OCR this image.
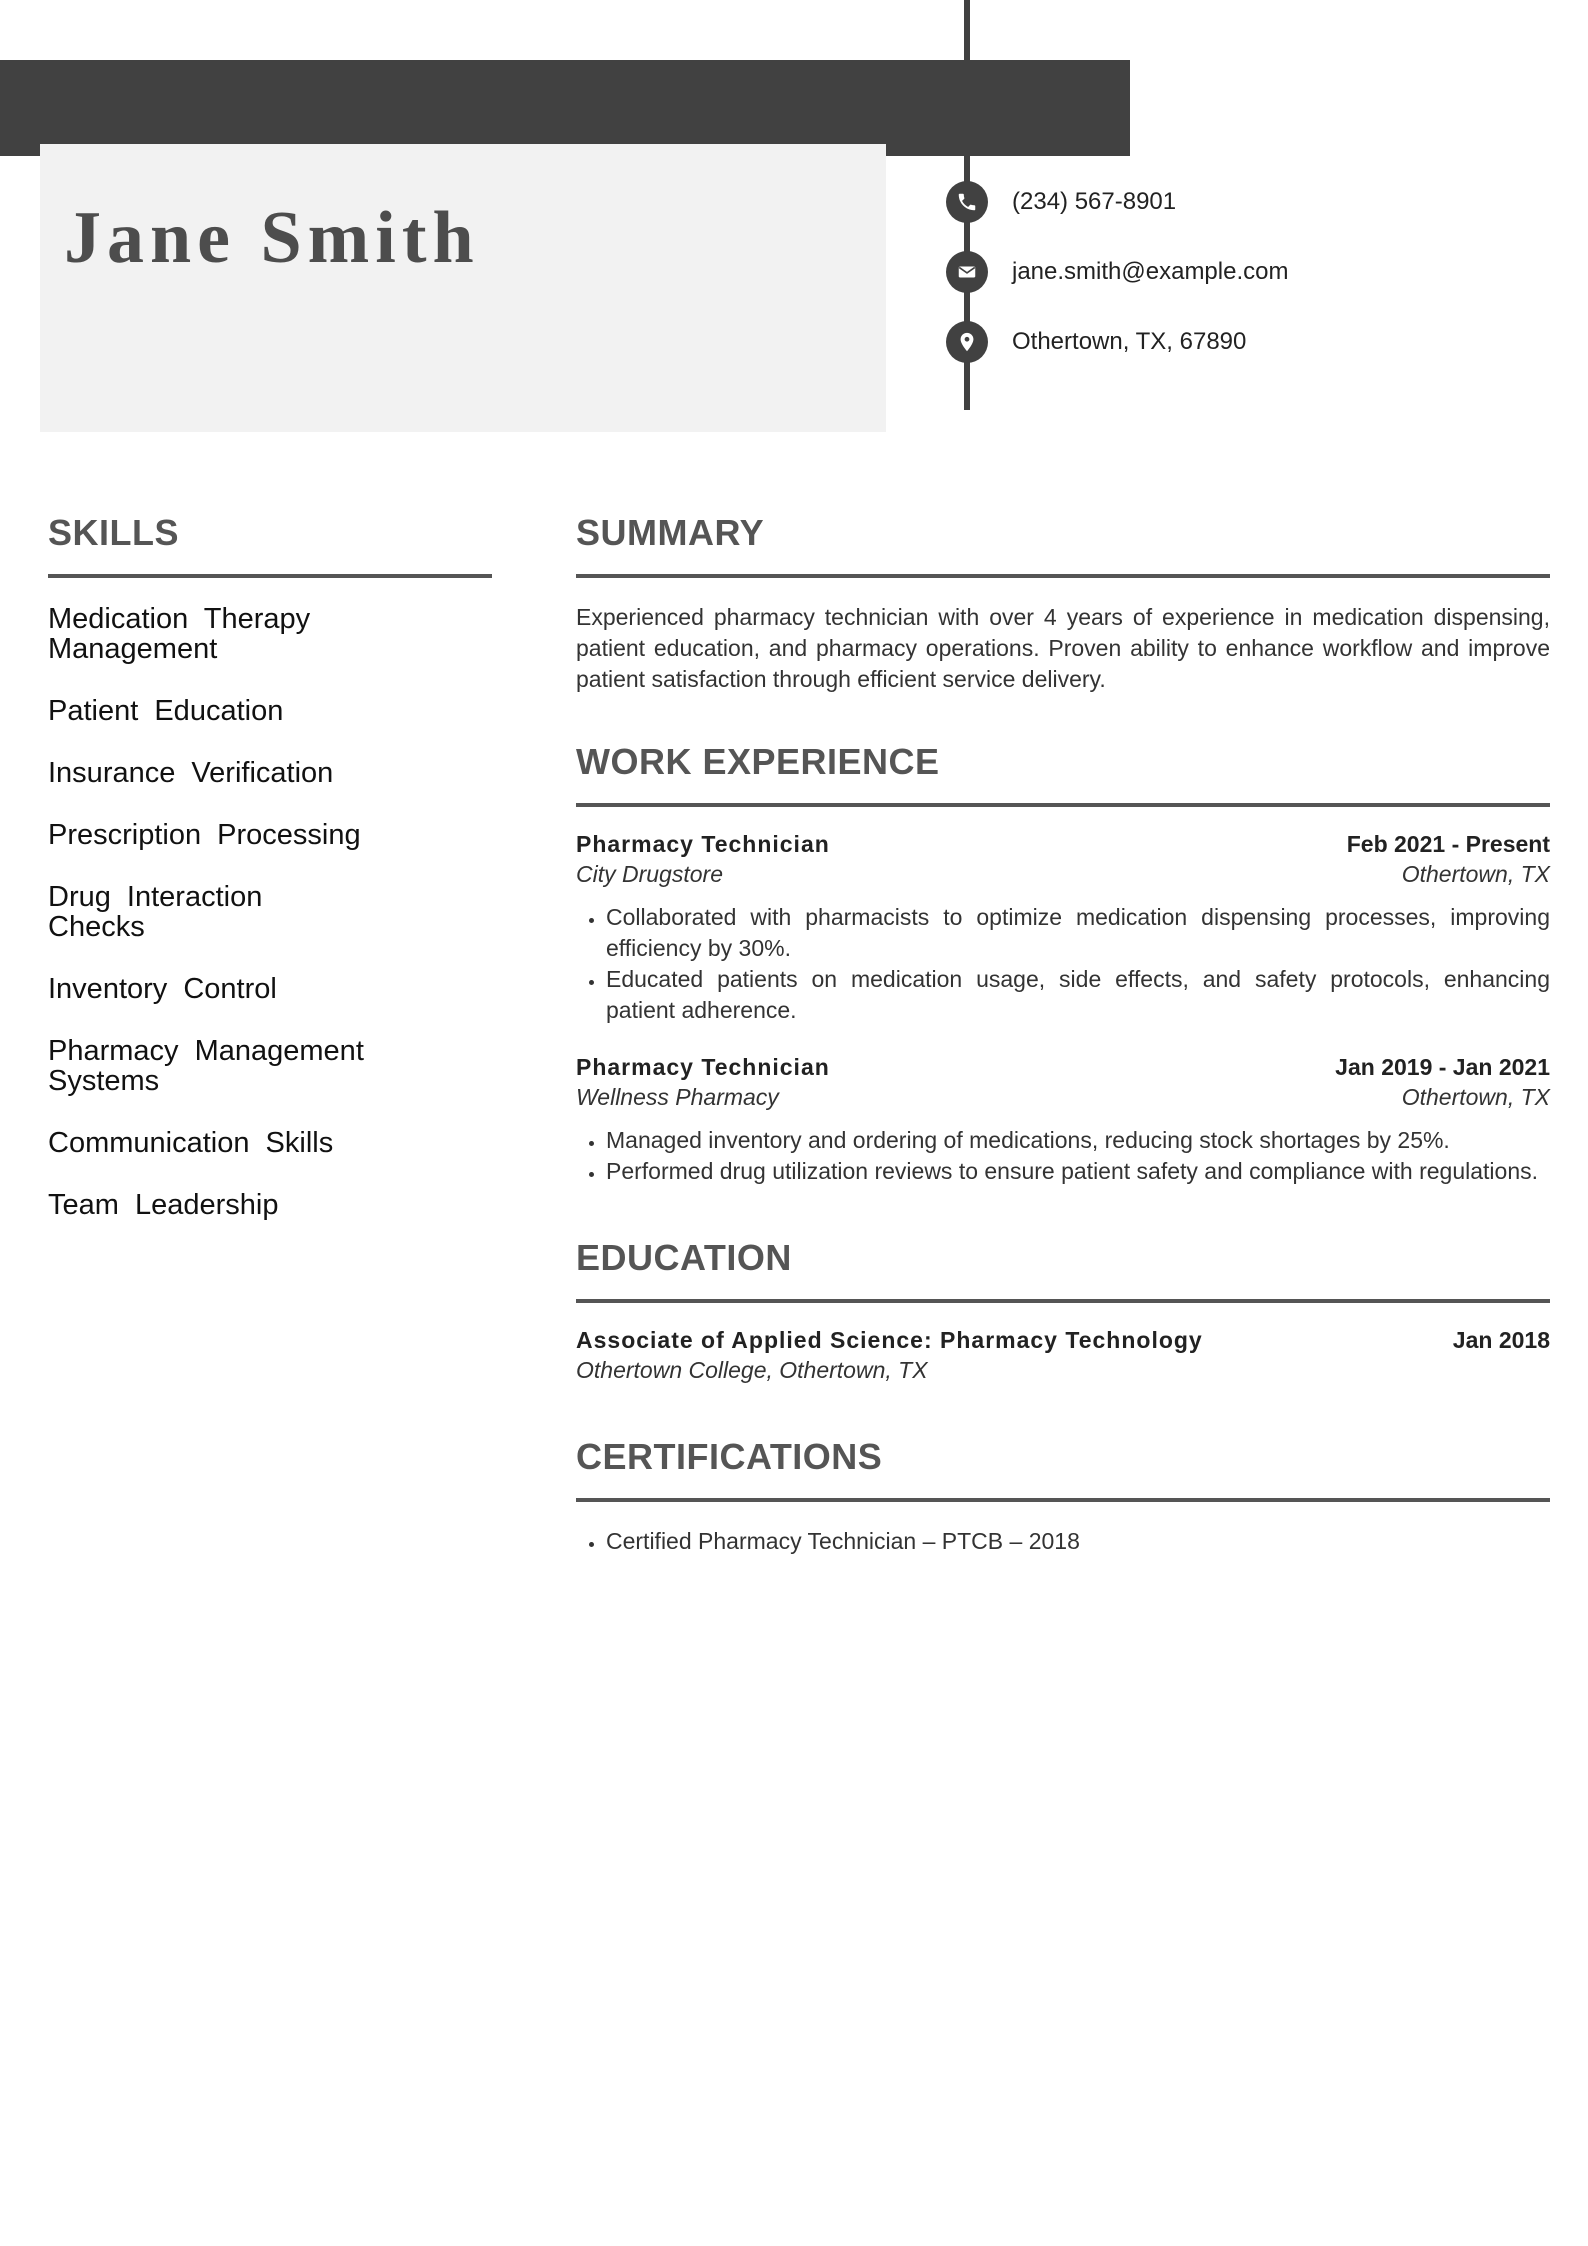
Jane Smith	(234) 567-8901
jane.smith@example.com
Othertown, TX, 67890
SKILLS
Medication Therapy Management
Patient Education
Insurance Verification
Prescription Processing
Drug Interaction Checks
Inventory Control
Pharmacy Management Systems
Communication Skills
Team Leadership
SUMMARY

Experienced pharmacy technician with over 4 years of experience in medication dispensing, patient education, and pharmacy operations. Proven ability to enhance workflow and improve patient satisfaction through efficient service delivery.

WORK EXPERIENCE
Pharmacy Technician	Feb 2021 - Present
City Drugstore	Othertown, TX
• Collaborated with pharmacists to optimize medication dispensing processes, improving efficiency by 30%.
• Educated patients on medication usage, side effects, and safety protocols, enhancing patient adherence.
Pharmacy Technician	Jan 2019 - Jan 2021
Wellness Pharmacy	Othertown, TX
• Managed inventory and ordering of medications, reducing stock shortages by 25%.
• Performed drug utilization reviews to ensure patient safety and compliance with regulations.
EDUCATION
Associate of Applied Science: Pharmacy Technology	Jan 2018
Othertown College, Othertown, TX
CERTIFICATIONS
• Certified Pharmacy Technician – PTCB – 2018
